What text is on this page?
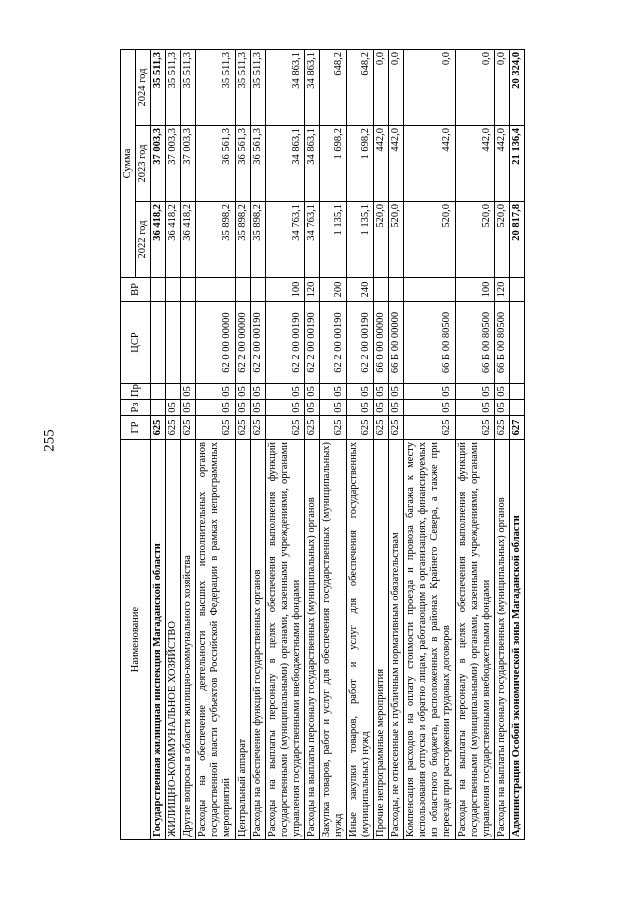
255
Наименование	ГР	Рз	Пр	ЦСР	ВР	Сумма		
						2022 год	2023 год	2024 год
Государственная жилищная инспекция Магаданской области	625					36 418,2	37 003,3	35 511,3
ЖИЛИЩНО-КОММУНАЛЬНОЕ ХОЗЯЙСТВО	625	05				36 418,2	37 003,3	35 511,3
Другие вопросы в области жилищно-коммунального хозяйства	625	05	05			36 418,2	37 003,3	35 511,3
Расходы на обеспечение деятельности высших исполнительных органов государственной власти субъектов Российской Федерации в рамках непрограммных мероприятий	625	05	05	62 0 00 00000		35 898,2	36 561,3	35 511,3
Центральный аппарат	625	05	05	62 2 00 00000		35 898,2	36 561,3	35 511,3
Расходы на обеспечение функций государственных органов	625	05	05	62 2 00 00190		35 898,2	36 561,3	35 511,3
Расходы на выплаты персоналу в целях обеспечения выполнения функций государственными (муниципальными) органами, казенными учреждениями, органами управления государственными внебюджетными фондами	625	05	05	62 2 00 00190	100	34 763,1	34 863,1	34 863,1
Расходы на выплаты персоналу государственных (муниципальных) органов	625	05	05	62 2 00 00190	120	34 763,1	34 863,1	34 863,1
Закупка товаров, работ и услуг для обеспечения государственных (муниципальных) нужд	625	05	05	62 2 00 00190	200	1 135,1	1 698,2	648,2
Иные закупки товаров, работ и услуг для обеспечения государственных (муниципальных) нужд	625	05	05	62 2 00 00190	240	1 135,1	1 698,2	648,2
Прочие непрограммные мероприятия	625	05	05	66 0 00 00000		520,0	442,0	0,0
Расходы, не отнесенные к публичным нормативным обязательствам	625	05	05	66 Б 00 00000		520,0	442,0	0,0
Компенсация расходов на оплату стоимости проезда и провоза багажа к месту использования отпуска и обратно лицам, работающим в организациях, финансируемых из областного бюджета, расположенных в районах Крайнего Севера, а также при переезде при расторжении трудовых договоров	625	05	05	66 Б 00 80500		520,0	442,0	0,0
Расходы на выплаты персоналу в целях обеспечения выполнения функций государственными (муниципальными) органами, казенными учреждениями, органами управления государственными внебюджетными фондами	625	05	05	66 Б 00 80500	100	520,0	442,0	0,0
Расходы на выплаты персоналу государственных (муниципальных) органов	625	05	05	66 Б 00 80500	120	520,0	442,0	0,0
Администрация Особой экономической зоны Магаданской области	627					20 817,8	21 136,4	20 324,0
